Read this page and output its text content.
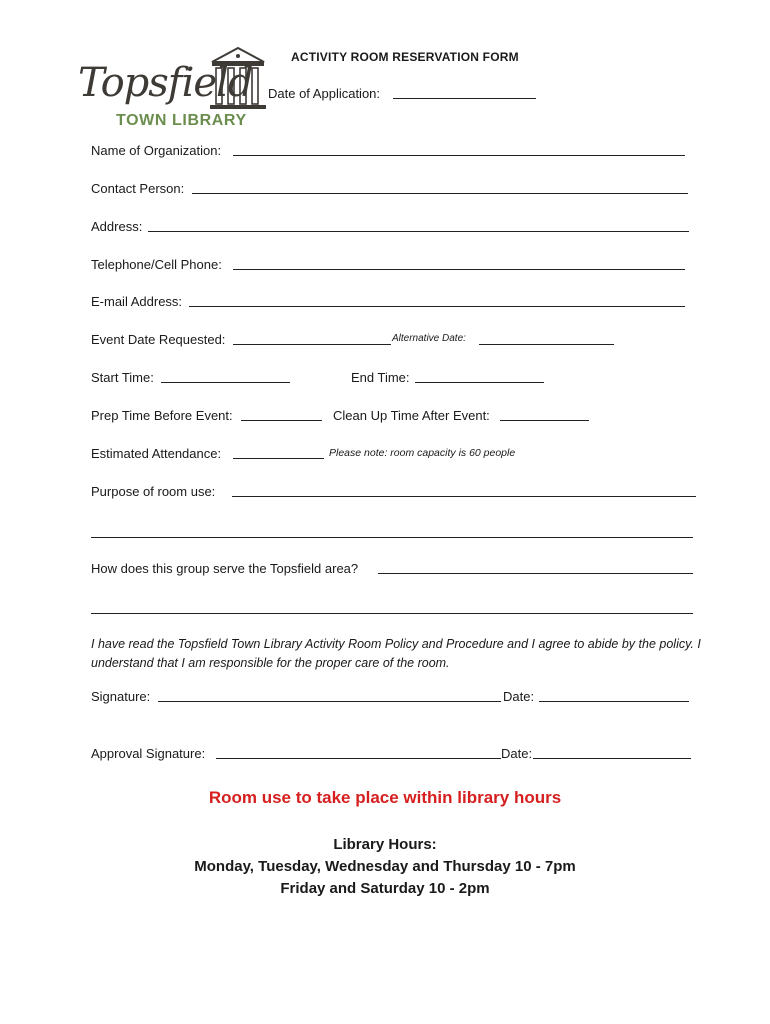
Topsfield
TOWN LIBRARY
ACTIVITY ROOM RESERVATION FORM
Date of Application:
Name of Organization:
Contact Person:
Address:
Telephone/Cell Phone:
E-mail Address:
Event Date Requested:	Alternative Date:
Start Time:	End Time:
Prep Time Before Event:	Clean Up Time After Event:
Estimated Attendance:	Please note: room capacity is 60 people
Purpose of room use:
How does this group serve the Topsfield area?
I have read the Topsfield Town Library Activity Room Policy and Procedure and I agree to abide by the policy. I understand that I am responsible for the proper care of the room.
Signature:	Date:
Approval Signature:	Date:
Room use to take place within library hours
Library Hours:
Monday, Tuesday, Wednesday and Thursday 10 - 7pm
Friday and Saturday 10 - 2pm
